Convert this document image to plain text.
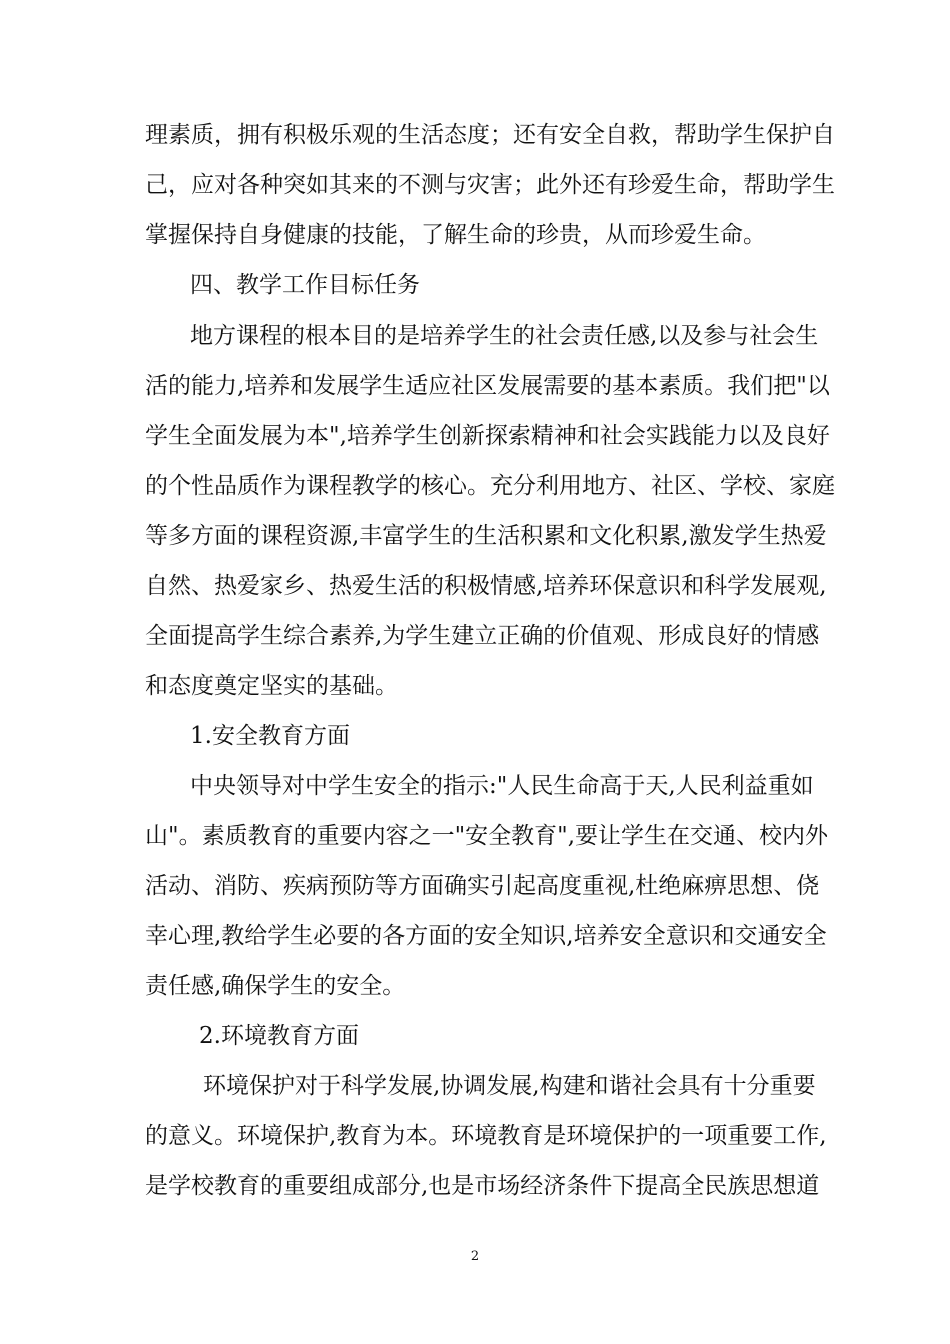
理素质，拥有积极乐观的生活态度；还有安全自救，帮助学生保护自
己，应对各种突如其来的不测与灾害；此外还有珍爱生命，帮助学生
掌握保持自身健康的技能，了解生命的珍贵，从而珍爱生命。
四、教学工作目标任务
地方课程的根本目的是培养学生的社会责任感,以及参与社会生
活的能力,培养和发展学生适应社区发展需要的基本素质。我们把"以
学生全面发展为本",培养学生创新探索精神和社会实践能力以及良好
的个性品质作为课程教学的核心。充分利用地方、社区、学校、家庭
等多方面的课程资源,丰富学生的生活积累和文化积累,激发学生热爱
自然、热爱家乡、热爱生活的积极情感,培养环保意识和科学发展观,
全面提高学生综合素养,为学生建立正确的价值观、形成良好的情感
和态度奠定坚实的基础。
1.安全教育方面
中央领导对中学生安全的指示:"人民生命高于天,人民利益重如
山"。素质教育的重要内容之一"安全教育",要让学生在交通、校内外
活动、消防、疾病预防等方面确实引起高度重视,杜绝麻痹思想、侥
幸心理,教给学生必要的各方面的安全知识,培养安全意识和交通安全
责任感,确保学生的安全。
2.环境教育方面
环境保护对于科学发展,协调发展,构建和谐社会具有十分重要
的意义。环境保护,教育为本。环境教育是环境保护的一项重要工作,
是学校教育的重要组成部分,也是市场经济条件下提高全民族思想道
2
